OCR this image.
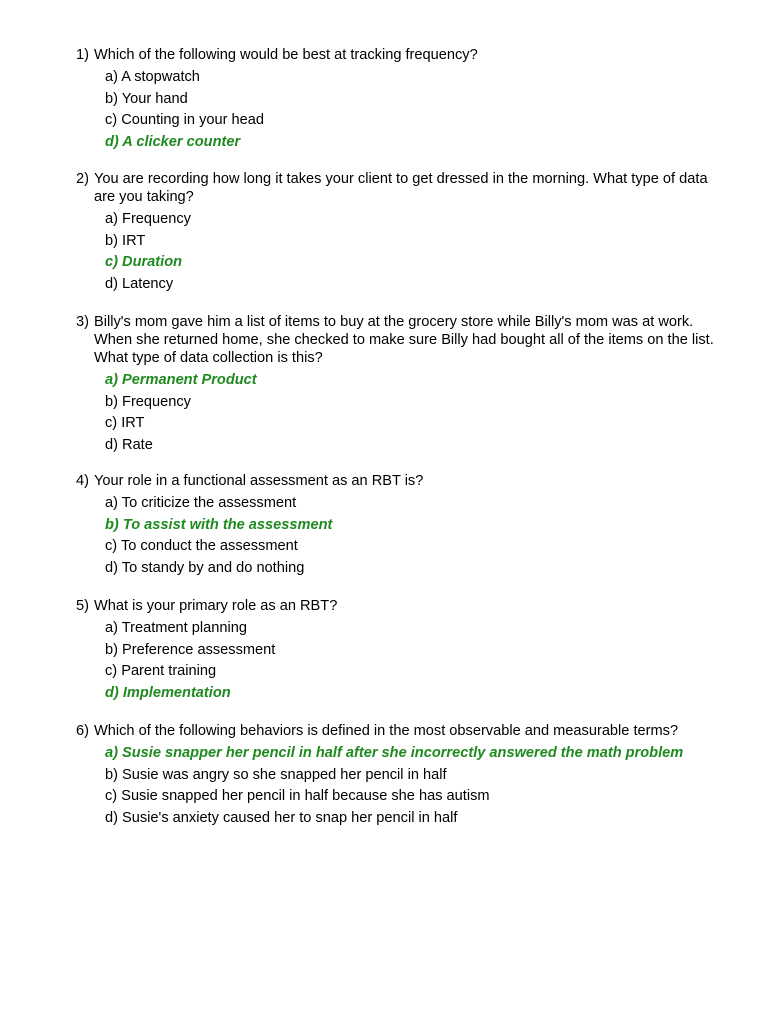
1) Which of the following would be best at tracking frequency?

a) A stopwatch
b) Your hand
c) Counting in your head
d) A clicker counter

2) You are recording how long it takes your client to get dressed in the morning. What type of data are you taking?

a) Frequency
b) IRT
c) Duration
d) Latency

3) Billy's mom gave him a list of items to buy at the grocery store while Billy's mom was at work. When she returned home, she checked to make sure Billy had bought all of the items on the list. What type of data collection is this?

a) Permanent Product
b) Frequency
c) IRT
d) Rate

4) Your role in a functional assessment as an RBT is?

a) To criticize the assessment
b) To assist with the assessment
c) To conduct the assessment
d) To standy by and do nothing

5) What is your primary role as an RBT?

a) Treatment planning
b) Preference assessment
c) Parent training
d) Implementation

6) Which of the following behaviors is defined in the most observable and measurable terms?

a) Susie snapper her pencil in half after she incorrectly answered the math problem
b) Susie was angry so she snapped her pencil in half
c) Susie snapped her pencil in half because she has autism
d) Susie's anxiety caused her to snap her pencil in half
